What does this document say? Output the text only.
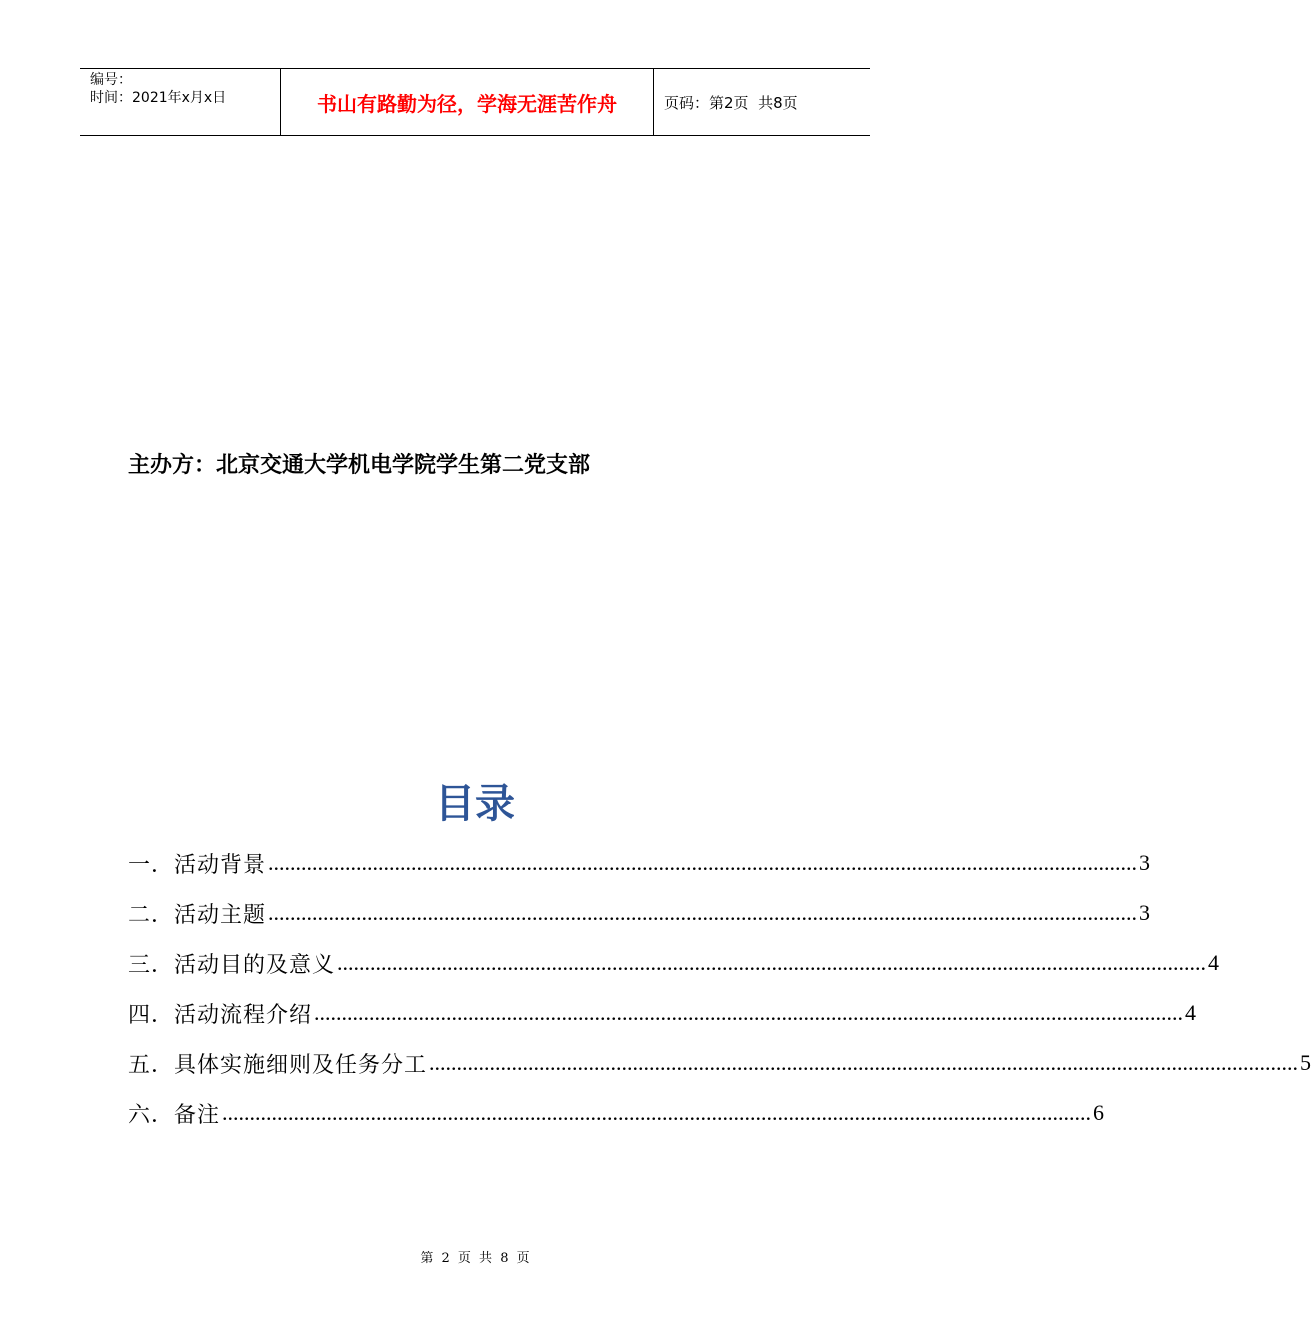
编号：
时间：2021年x月x日	书山有路勤为径，学海无涯苦作舟	页码：第2页  共8页
主办方：北京交通大学机电学院学生第二党支部
目录
一． 活动背景 .............................................................................................................................................................. 3
二． 活动主题 .............................................................................................................................................................. 3
三． 活动目的及意义 .............................................................................................................................................................. 4
四． 活动流程介绍 .............................................................................................................................................................. 4
五． 具体实施细则及任务分工 .............................................................................................................................................................. 5
六． 备注 .............................................................................................................................................................. 6
第 2 页 共 8 页
